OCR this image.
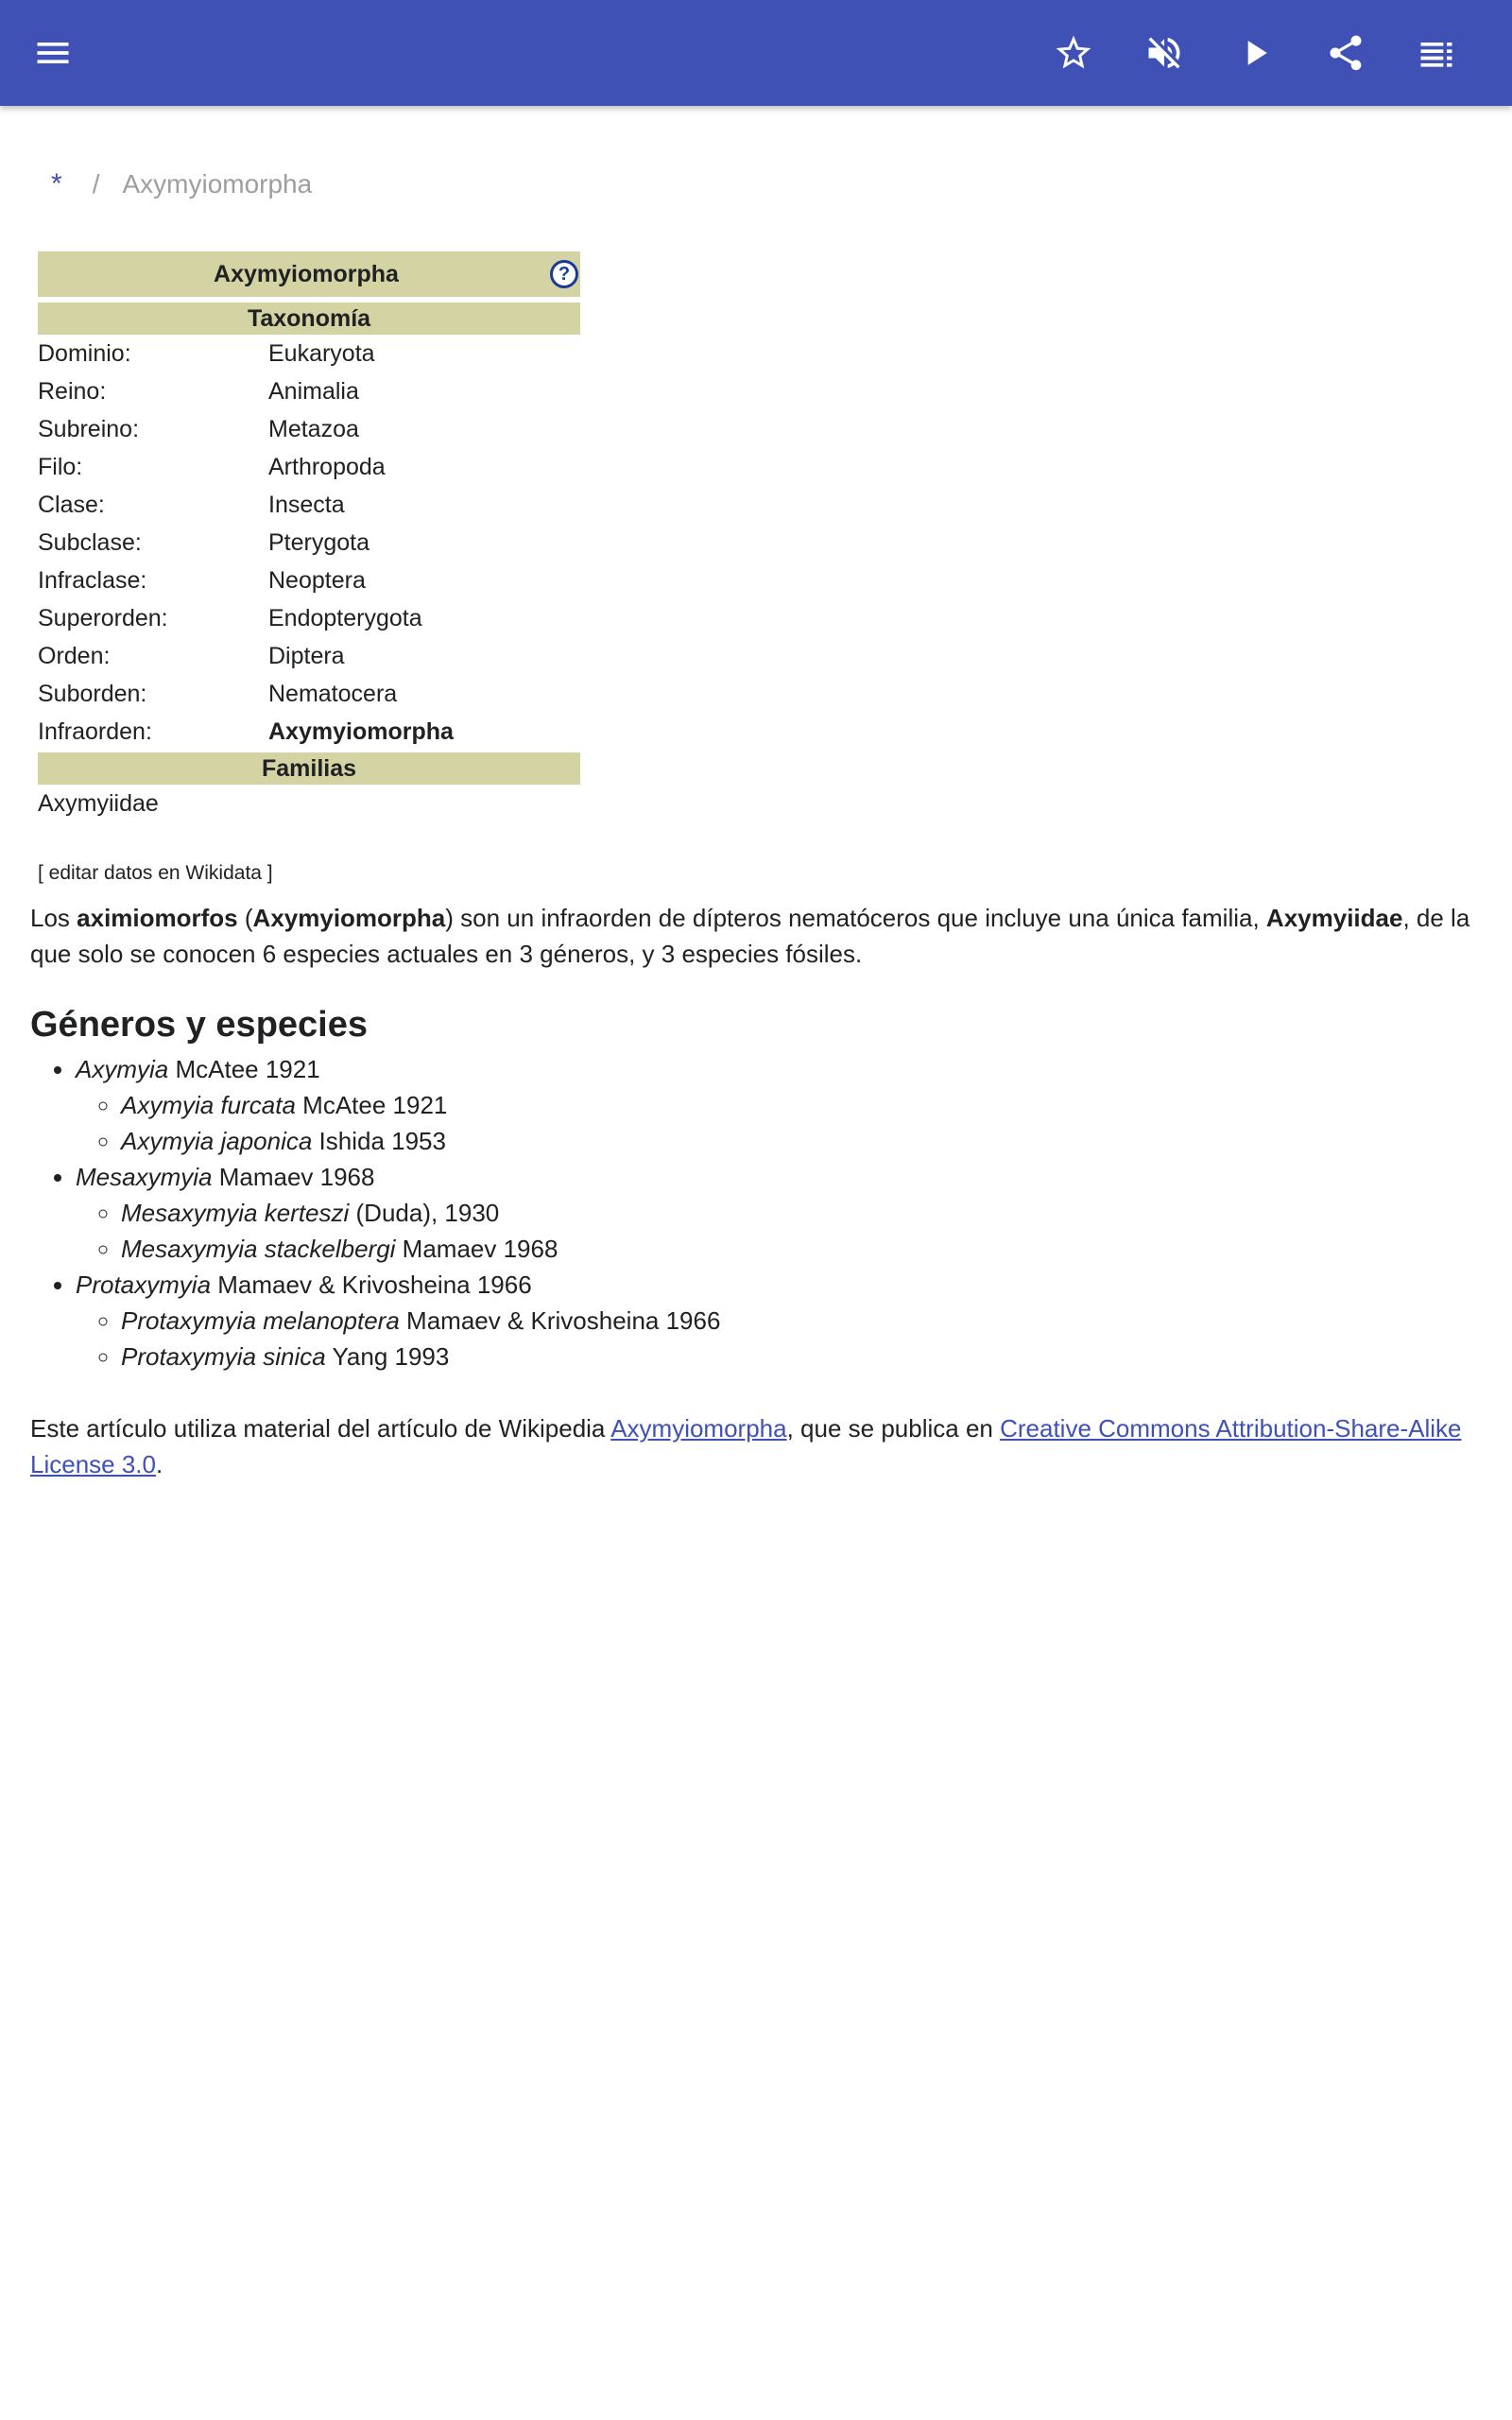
* / Axymyiomorpha
Axymyiomorpha	?
Taxonomía
Dominio:	Eukaryota
Reino:	Animalia
Subreino:	Metazoa
Filo:	Arthropoda
Clase:	Insecta
Subclase:	Pterygota
Infraclase:	Neoptera
Superorden:	Endopterygota
Orden:	Diptera
Suborden:	Nematocera
Infraorden:	Axymyiomorpha
Familias
Axymyiidae
[ editar datos en Wikidata ]

Los aximiomorfos (Axymyiomorpha) son un infraorden de dípteros nematóceros que incluye una única familia, Axymyiidae, de la que solo se conocen 6 especies actuales en 3 géneros, y 3 especies fósiles.

Géneros y especies
• Axymyia McAtee 1921
◦ Axymyia furcata McAtee 1921
◦ Axymyia japonica Ishida 1953
• Mesaxymyia Mamaev 1968
◦ Mesaxymyia kerteszi (Duda), 1930
◦ Mesaxymyia stackelbergi Mamaev 1968
• Protaxymyia Mamaev & Krivosheina 1966
◦ Protaxymyia melanoptera Mamaev & Krivosheina 1966
◦ Protaxymyia sinica Yang 1993

Este artículo utiliza material del artículo de Wikipedia Axymyiomorpha, que se publica en Creative Commons Attribution-Share-Alike License 3.0.
